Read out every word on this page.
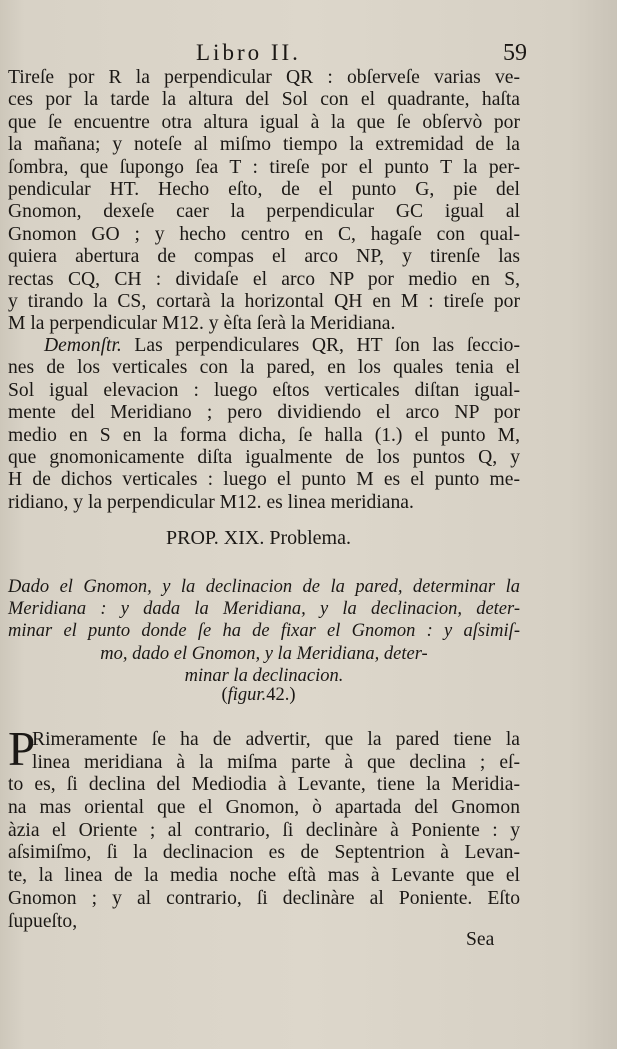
Libro II.	59
Tireſe por R la perpendicular QR : obſervеſe varias ve-
ces por la tarde la altura del Sol con el quadrante, haſta
que ſe encuentre otra altura igual à la que ſe obſervò por
la mañana; y noteſe al miſmo tiempo la extremidad de la
ſombra, que ſupongo ſea T : tireſe por el punto T la per-
pendicular HT. Hecho eſto, de el punto G, pie del
Gnomon, dexeſe caer la perpendicular GC igual al
Gnomon GO ; y hecho centro en C, hagaſe con qual-
quiera abertura de compas el arco NP, y tirenſe las
rectas CQ, CH : dividaſe el arco NP por medio en S,
y tirando la CS, cortarà la horizontal QH en M : tireſe por
M la perpendicular M12. y èſta ſerà la Meridiana.
Demonſtr. Las perpendiculares QR, HT ſon las ſeccio-
nes de los verticales con la pared, en los quales tenia el
Sol igual elevacion : luego eſtos verticales diſtan igual-
mente del Meridiano ; pero dividiendo el arco NP por
medio en S en la forma dicha, ſe halla (1.) el punto M,
que gnomonicamente diſta igualmente de los puntos Q, y
H de dichos verticales : luego el punto M es el punto me-
ridiano, y la perpendicular M12. es linea meridiana.
PROP. XIX. Problema.
Dado el Gnomon, y la declinacion de la pared, determinar la
Meridiana : y dada la Meridiana, y la declinacion, deter-
minar el punto donde ſe ha de fixar el Gnomon : y aſsimiſ-
mo, dado el Gnomon, y la Meridiana, deter-
minar la declinacion.
(figur.42.)
P
Rimeramente ſe ha de advertir, que la pared tiene la
linea meridiana à la miſma parte à que declina ; eſ-
to es, ſi declina del Mediodia à Levante, tiene la Meridia-
na mas oriental que el Gnomon, ò apartada del Gnomon
àzia el Oriente ; al contrario, ſi declinàre à Poniente : y
aſsimiſmo, ſi la declinacion es de Septentrion à Levan-
te, la linea de la media noche eſtà mas à Levante que el
Gnomon ; y al contrario, ſi declinàre al Poniente. Eſto
ſupueſto,
Sea
